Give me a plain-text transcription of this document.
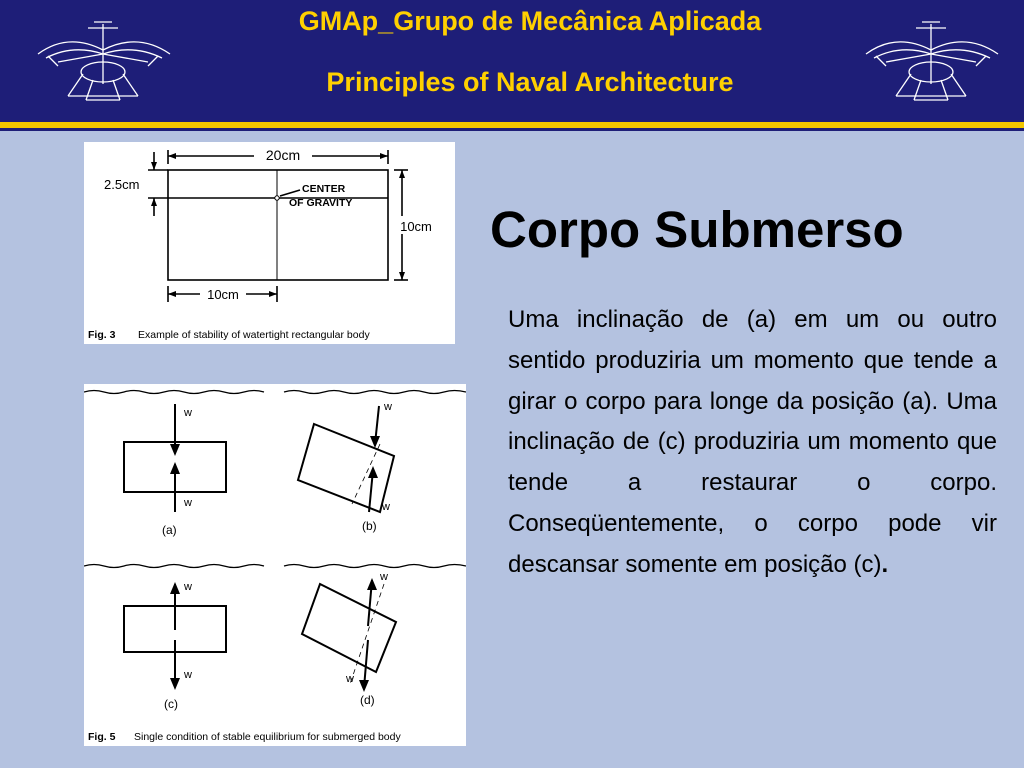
GMAp_Grupo de Mecânica Aplicada
Principles of Naval Architecture
20cm
2.5cm
10cm
10cm
CENTER
OF GRAVITY
Fig. 3 Example of stability of watertight rectangular body
w
w
w
w
w
w
w
w
(a)	(b)
(c)	(d)
Fig. 5 Single condition of stable equilibrium for submerged body
Corpo Submerso
Uma inclinação de (a) em um ou outro sentido produziria um momento que tende a girar o corpo para longe da posição (a). Uma inclinação de (c) produziria um momento que tende a restaurar o corpo. Conseqüentemente, o corpo pode vir descansar somente em posição (c).
